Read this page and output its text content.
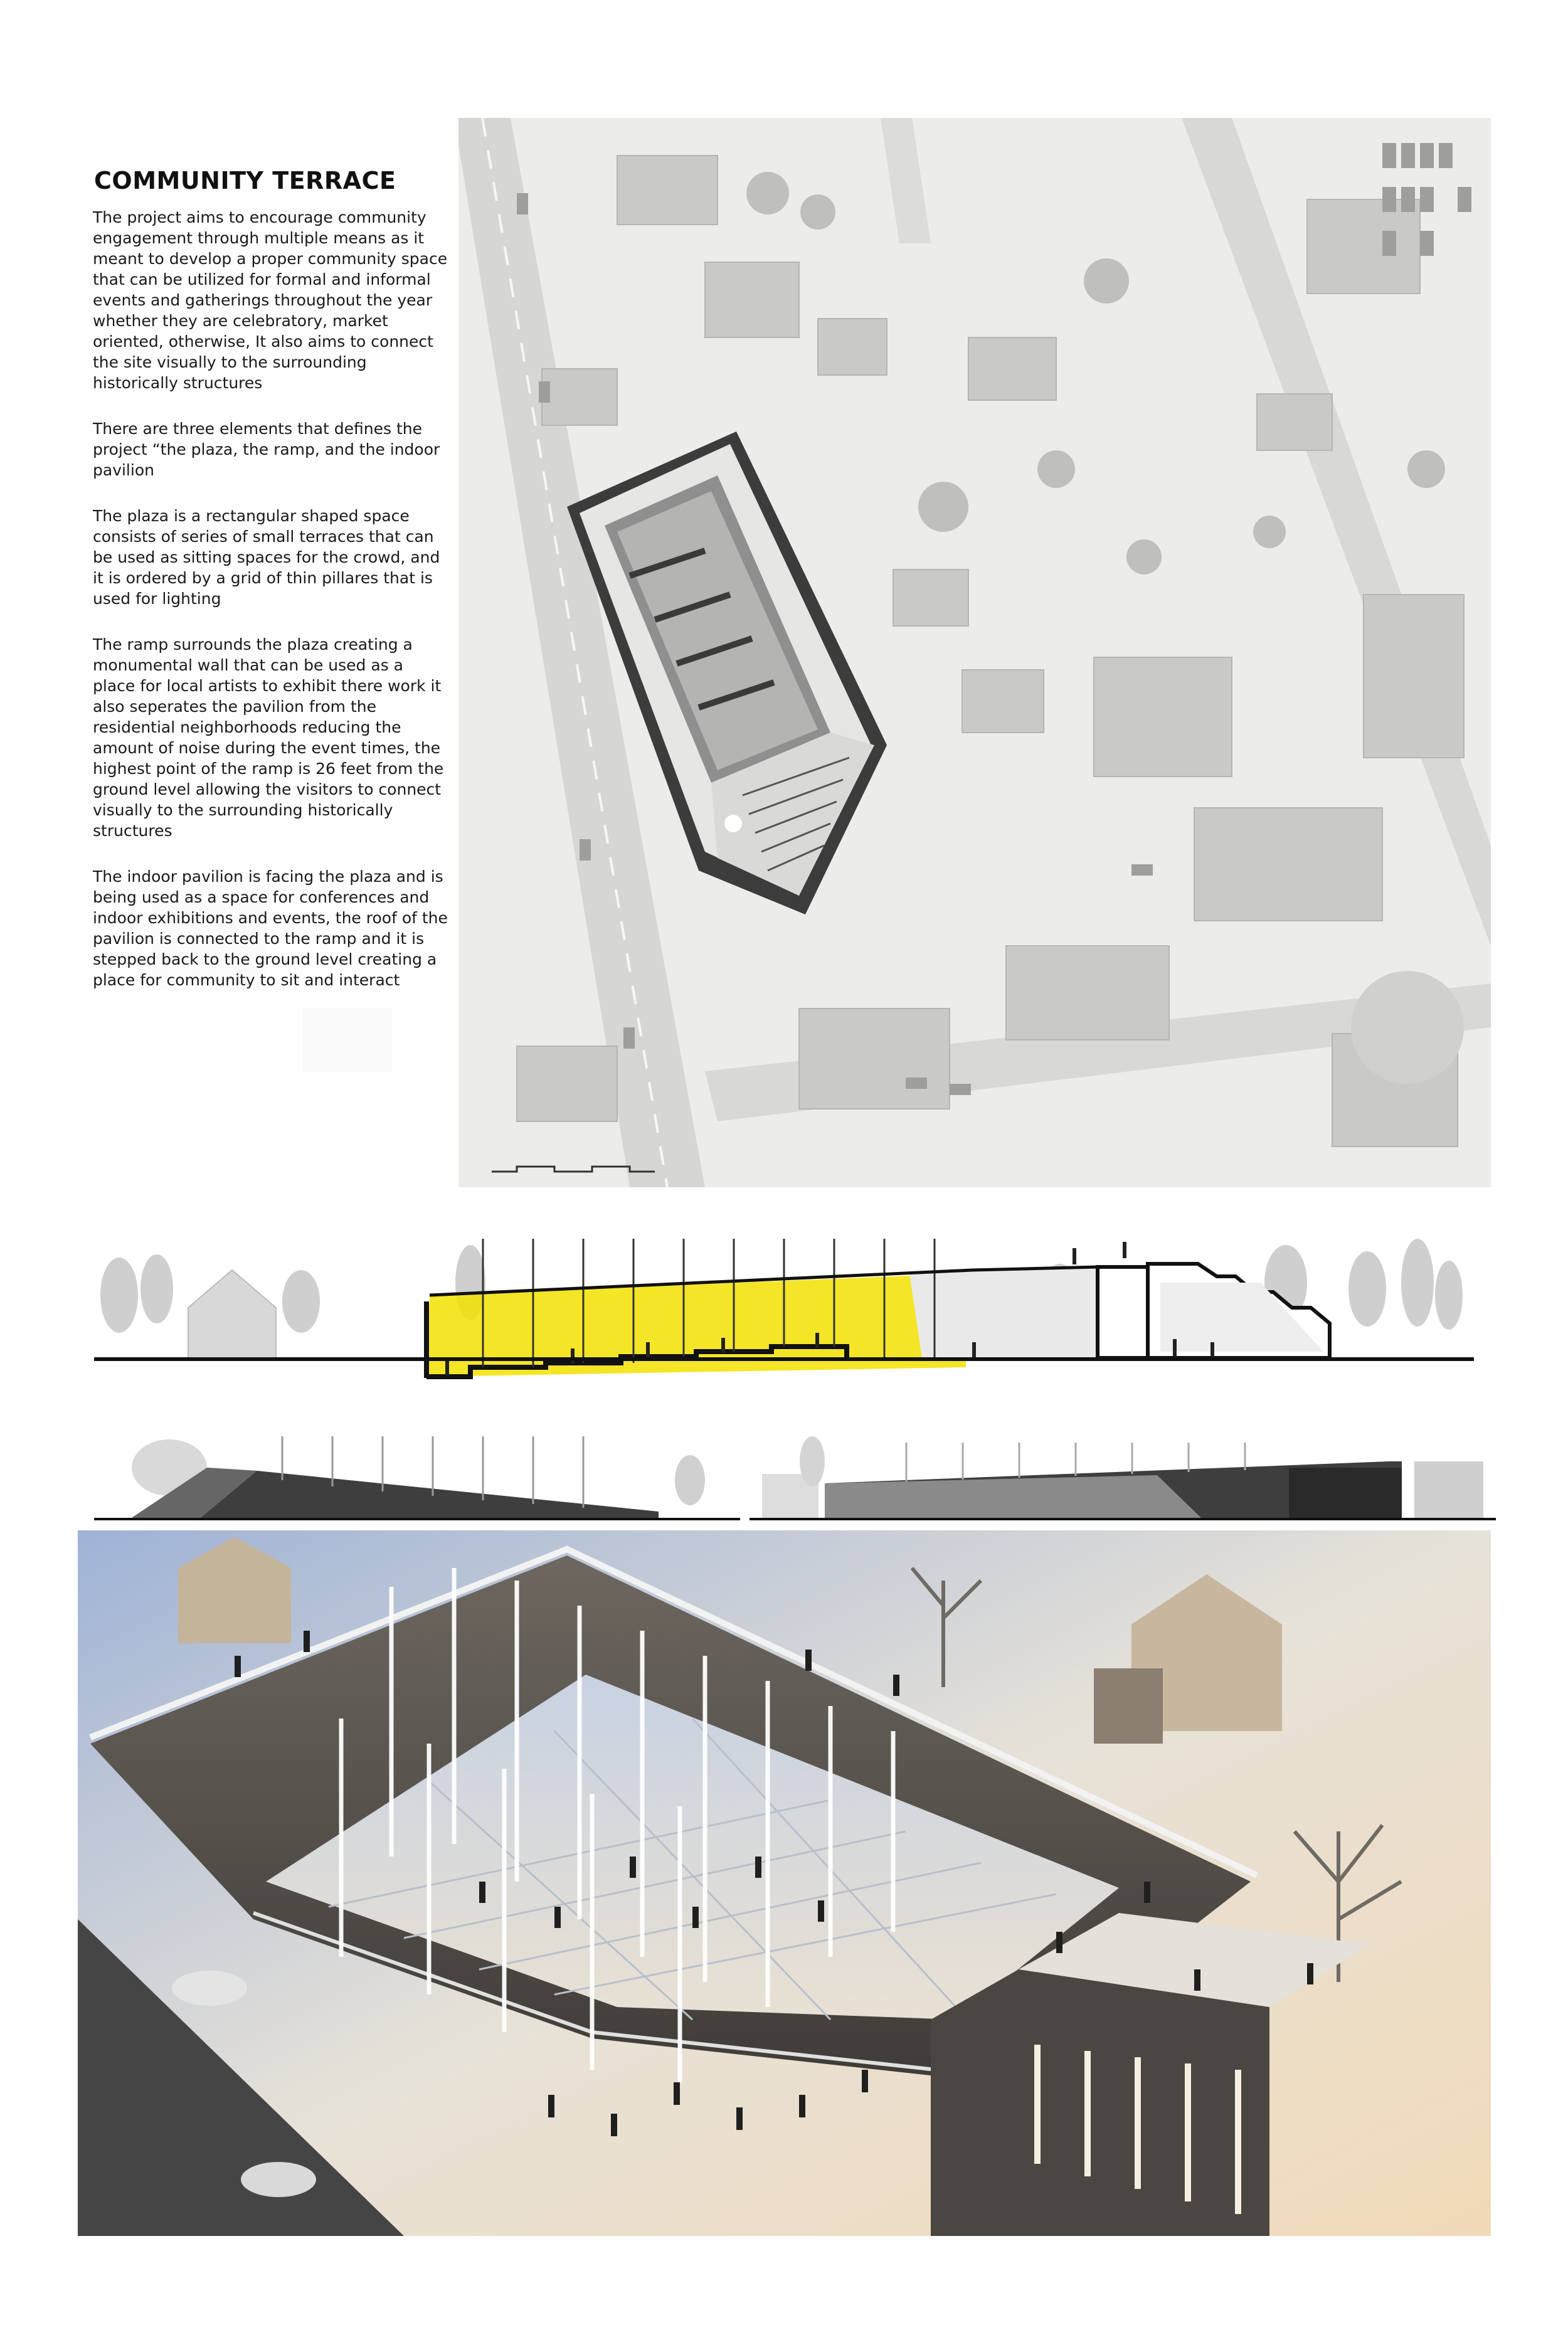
COMMUNITY TERRACE

The project aims to encourage community engagement through multiple means as it meant to develop a proper community space that can be utilized for formal and informal events and gatherings throughout the year whether they are celebratory, market oriented, otherwise, It also aims to connect the site visually to the surrounding historically structures

There are three elements that defines the project “the plaza, the ramp, and the indoor pavilion

The plaza is a rectangular shaped space consists of series of small terraces that can be used as sitting spaces for the crowd, and it is ordered by a grid of thin pillares that is used for lighting

The ramp surrounds the plaza creating a monumental wall that can be used as a place for local artists to exhibit there work it also seperates the pavilion from the residential neighborhoods reducing the amount of noise during the event times, the highest point of the ramp is 26 feet from the ground level allowing the visitors to connect visually to the surrounding historically structures

The indoor pavilion is facing the plaza and is being used as a space for conferences and indoor exhibitions and events, the roof of the pavilion is connected to the ramp and it is stepped back to the ground level creating a place for community to sit and interact
